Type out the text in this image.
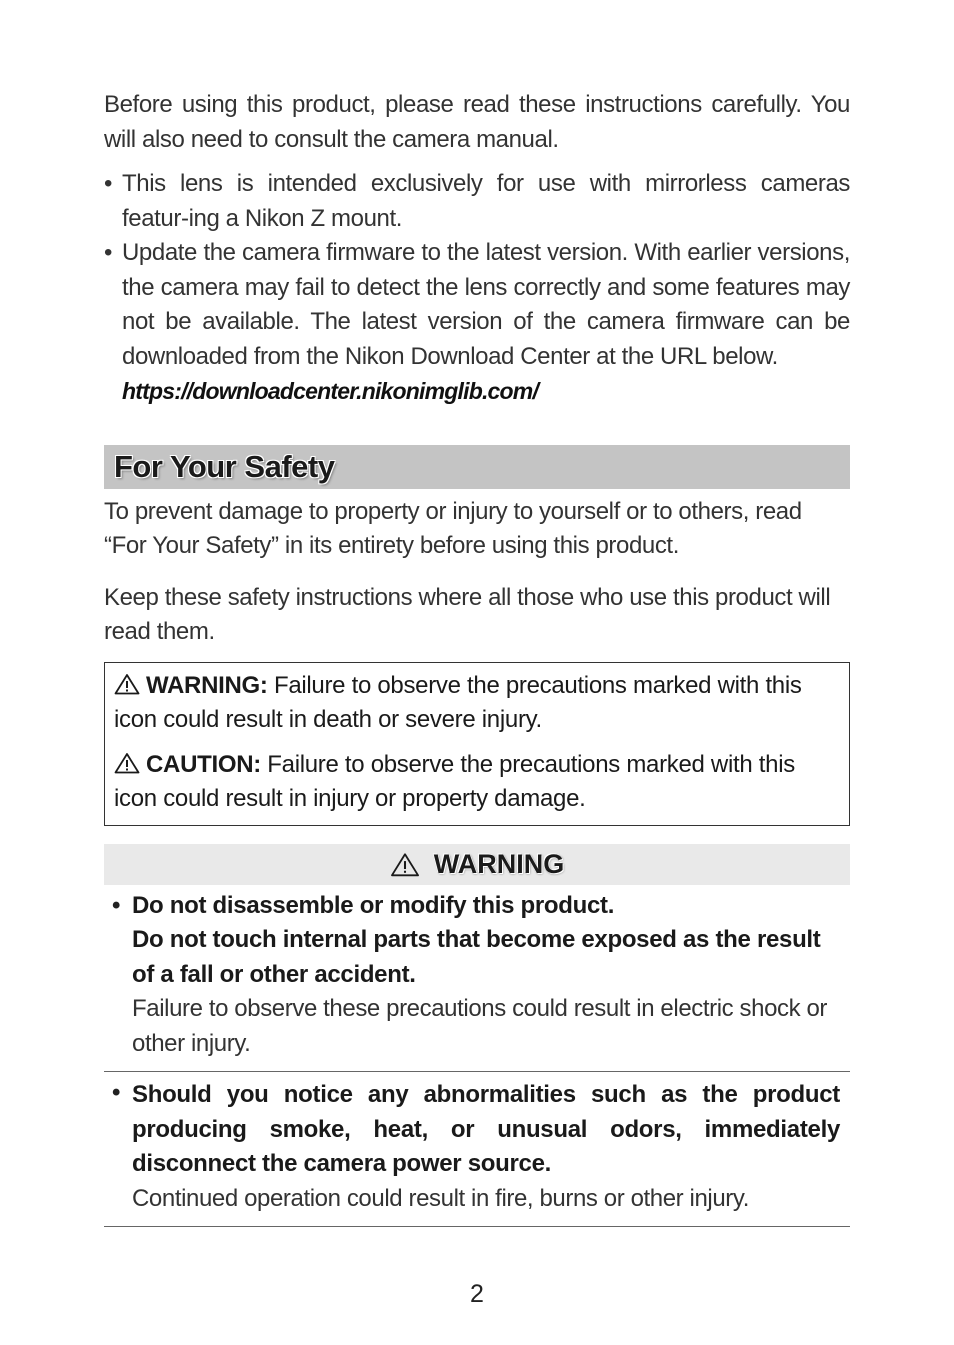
Before using this product, please read these instructions carefully. You will also need to consult the camera manual.

• This lens is intended exclusively for use with mirrorless cameras featur-ing a Nikon Z mount.
• Update the camera firmware to the latest version. With earlier versions, the camera may fail to detect the lens correctly and some features may not be available. The latest version of the camera firmware can be downloaded from the Nikon Download Center at the URL below.
https://downloadcenter.nikonimglib.com/
For Your Safety

To prevent damage to property or injury to yourself or to others, read “For Your Safety” in its entirety before using this product.

Keep these safety instructions where all those who use this product will read them.

WARNING: Failure to observe the precautions marked with this icon could result in death or severe injury.

CAUTION: Failure to observe the precautions marked with this icon could result in injury or property damage.

WARNING
• Do not disassemble or modify this product.

Do not touch internal parts that become exposed as the result of a fall or other accident.

Failure to observe these precautions could result in electric shock or other injury.

• Should you notice any abnormalities such as the product producing smoke, heat, or unusual odors, immediately disconnect the camera power source.

Continued operation could result in fire, burns or other injury.

2
